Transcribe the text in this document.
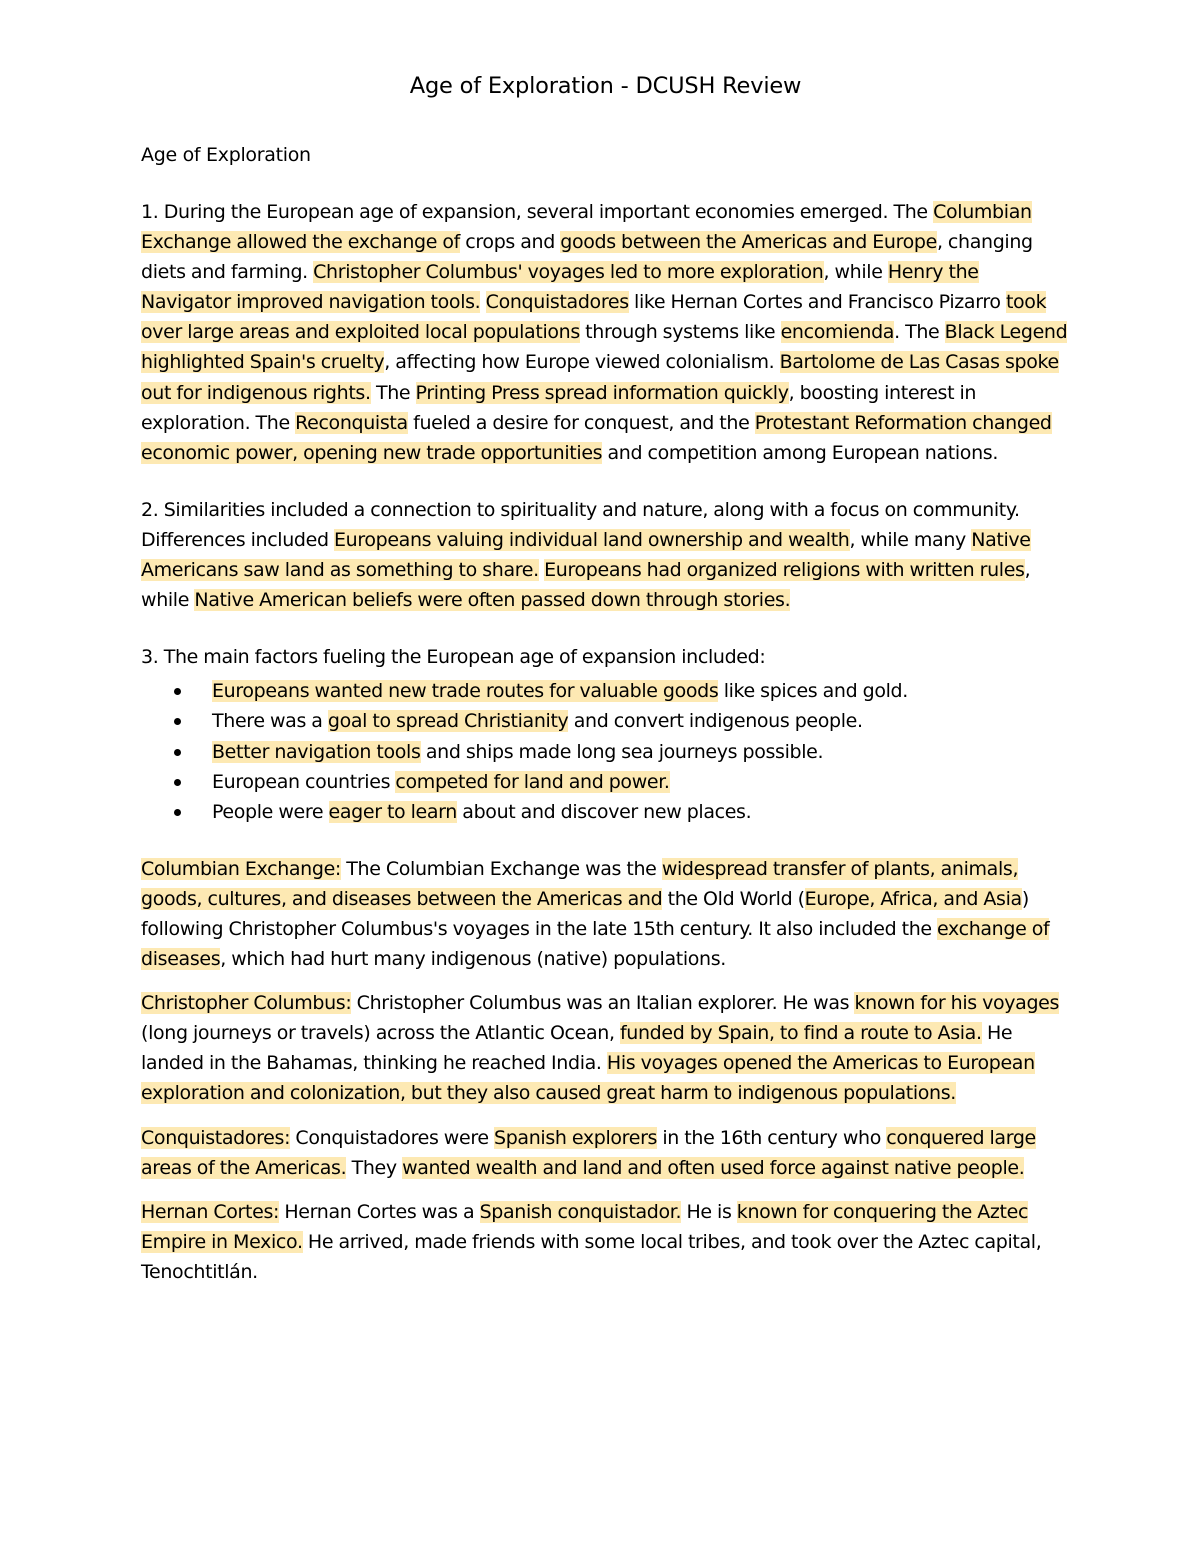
Age of Exploration - DCUSH Review
Age of Exploration

1. During the European age of expansion, several important economies emerged. The Columbian Exchange allowed the exchange of crops and goods between the Americas and Europe, changing diets and farming. Christopher Columbus' voyages led to more exploration, while Henry the Navigator improved navigation tools. Conquistadores like Hernan Cortes and Francisco Pizarro took over large areas and exploited local populations through systems like encomienda. The Black Legend highlighted Spain's cruelty, affecting how Europe viewed colonialism. Bartolome de Las Casas spoke out for indigenous rights. The Printing Press spread information quickly, boosting interest in exploration. The Reconquista fueled a desire for conquest, and the Protestant Reformation changed economic power, opening new trade opportunities and competition among European nations.

2. Similarities included a connection to spirituality and nature, along with a focus on community. Differences included Europeans valuing individual land ownership and wealth, while many Native Americans saw land as something to share. Europeans had organized religions with written rules, while Native American beliefs were often passed down through stories.

3. The main factors fueling the European age of expansion included:

Europeans wanted new trade routes for valuable goods like spices and gold.
There was a goal to spread Christianity and convert indigenous people.
Better navigation tools and ships made long sea journeys possible.
European countries competed for land and power.
People were eager to learn about and discover new places.

Columbian Exchange: The Columbian Exchange was the widespread transfer of plants, animals, goods, cultures, and diseases between the Americas and the Old World (Europe, Africa, and Asia) following Christopher Columbus's voyages in the late 15th century. It also included the exchange of diseases, which had hurt many indigenous (native) populations.

Christopher Columbus: Christopher Columbus was an Italian explorer. He was known for his voyages (long journeys or travels) across the Atlantic Ocean, funded by Spain, to find a route to Asia. He landed in the Bahamas, thinking he reached India. His voyages opened the Americas to European exploration and colonization, but they also caused great harm to indigenous populations.

Conquistadores: Conquistadores were Spanish explorers in the 16th century who conquered large areas of the Americas. They wanted wealth and land and often used force against native people.

Hernan Cortes: Hernan Cortes was a Spanish conquistador. He is known for conquering the Aztec Empire in Mexico. He arrived, made friends with some local tribes, and took over the Aztec capital, Tenochtitlán.
